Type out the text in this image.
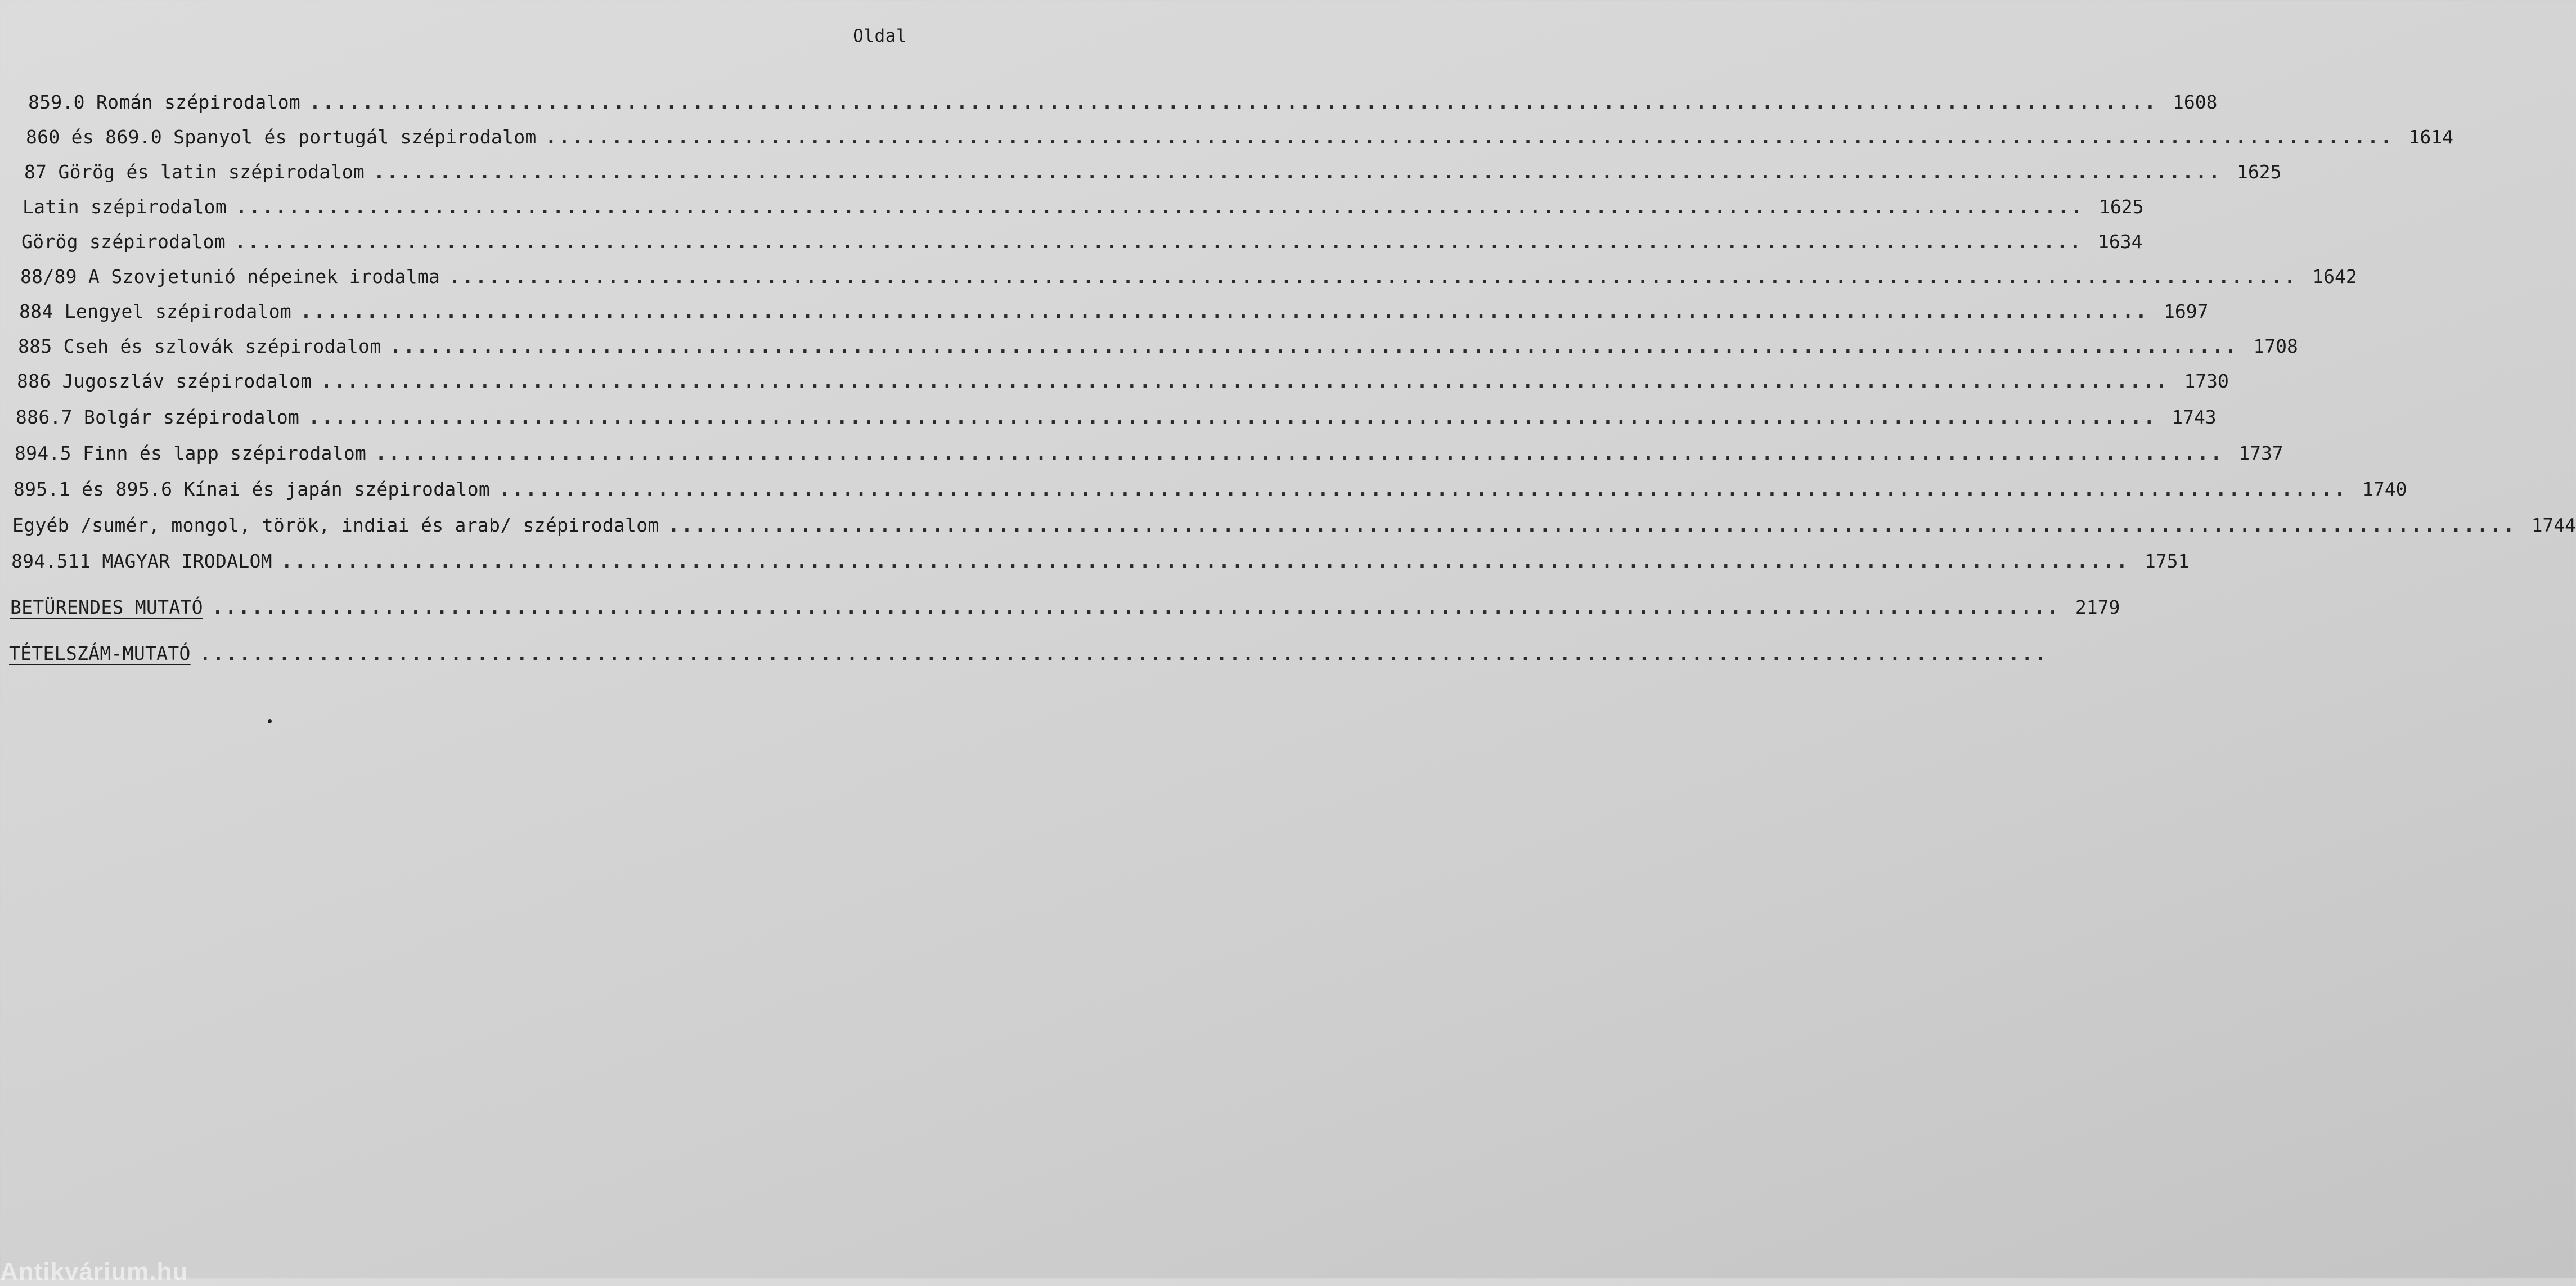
Oldal
859.0 Román szépirodalom ............................................................................................................................................ 1608
860 és 869.0 Spanyol és portugál szépirodalom ............................................................................................................................................ 1614
87 Görög és latin szépirodalom ............................................................................................................................................ 1625
Latin szépirodalom ............................................................................................................................................ 1625
Görög szépirodalom ............................................................................................................................................ 1634
88/89 A Szovjetunió népeinek irodalma ............................................................................................................................................ 1642
884 Lengyel szépirodalom ............................................................................................................................................ 1697
885 Cseh és szlovák szépirodalom ............................................................................................................................................ 1708
886 Jugoszláv szépirodalom ............................................................................................................................................ 1730
886.7 Bolgár szépirodalom ............................................................................................................................................ 1743
894.5 Finn és lapp szépirodalom ............................................................................................................................................ 1737
895.1 és 895.6 Kínai és japán szépirodalom ............................................................................................................................................ 1740
Egyéb /sumér, mongol, török, indiai és arab/ szépirodalom ............................................................................................................................................ 1744
894.511 MAGYAR IRODALOM ............................................................................................................................................ 1751
BETÜRENDES MUTATÓ ............................................................................................................................................ 2179
TÉTELSZÁM-MUTATÓ ............................................................................................................................................
Antikvárium.hu
